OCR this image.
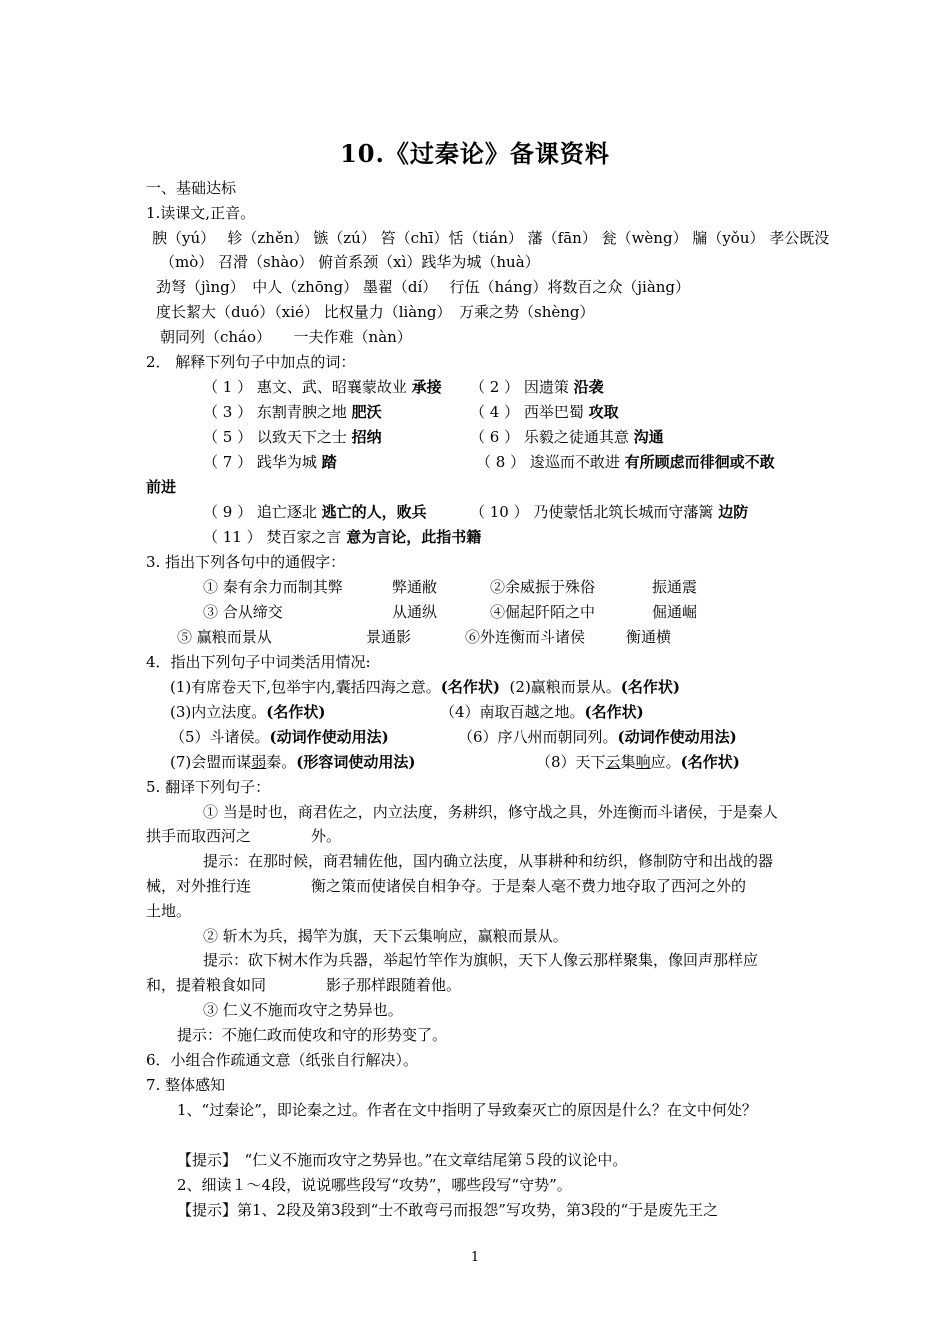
10.《过秦论》备课资料
一、基础达标
1.读课文,正音。
腴（yú）　 轸（zhěn） 镞（zú） 笞（chī）恬（tián） 藩（fān） 瓮（wèng） 牖（yǒu） 孝公既没
（mò） 召滑（shào） 俯首系颈（xì）践华为城（huà）
劲弩（jìng）　中人（zhōng） 墨翟（dí）　 行伍（háng）将数百之众（jiàng）
度长絜大（duó）（xié） 比权量力（liàng）　万乘之势（shèng）
朝同列（cháo）　　一夫作难（nàn）
2． 解释下列句子中加点的词：
（ 1 ） 惠文、武、昭襄蒙故业 承接 （ 2 ） 因遗策 沿袭
（ 3 ） 东割青腴之地 肥沃	（ 4 ） 西举巴蜀 攻取
（ 5 ） 以致天下之士 招纳	（ 6 ） 乐毅之徒通其意 沟通
（ 7 ） 践华为城 踏	（ 8 ） 逡巡而不敢进 有所顾虑而徘徊或不敢
前进
（ 9 ） 追亡逐北 逃亡的人，败兵	（ 10 ） 乃使蒙恬北筑长城而守藩篱 边防
（ 11 ） 焚百家之言 意为言论，此指书籍
3. 指出下列各句中的通假字：
① 秦有余力而制其弊	弊通敝	②余威振于殊俗	振通震
③ 合从缔交	从通纵	④倔起阡陌之中	倔通崛
⑤ 赢粮而景从	景通影	⑥外连衡而斗诸侯	衡通横
4．指出下列句子中词类活用情况:
(1)有席卷天下,包举宇内,囊括四海之意。(名作状) (2)赢粮而景从。(名作状)
(3)内立法度。(名作状)	（4）南取百越之地。(名作状)
（5）斗诸侯。(动词作使动用法)	（6）序八州而朝同列。(动词作使动用法)
(7)会盟而谋弱秦。(形容词使动用法)	（8）天下云集响应。(名作状)
5. 翻译下列句子：
① 当是时也，商君佐之，内立法度，务耕织，修守战之具，外连衡而斗诸侯，于是秦人
拱手而取西河之　　　　外。
提示：在那时候，商君辅佐他，国内确立法度，从事耕种和纺织，修制防守和出战的器
械，对外推行连　　　　衡之策而使诸侯自相争夺。于是秦人毫不费力地夺取了西河之外的
土地。
② 斩木为兵，揭竿为旗，天下云集响应，赢粮而景从。
提示：砍下树木作为兵器，举起竹竿作为旗帜，天下人像云那样聚集，像回声那样应
和，提着粮食如同　　　　影子那样跟随着他。
③ 仁义不施而攻守之势异也。
提示：不施仁政而使攻和守的形势变了。
6．小组合作疏通文意（纸张自行解决）。
7. 整体感知
1、“过秦论”，即论秦之过。作者在文中指明了导致秦灭亡的原因是什么？在文中何处？
【提示】　“仁义不施而攻守之势异也。”在文章结尾第５段的议论中。
2、细读１～4段，说说哪些段写“攻势”，哪些段写“守势”。
【提示】第1、2段及第3段到“士不敢弯弓而报怨”写攻势，第3段的“于是废先王之
1
